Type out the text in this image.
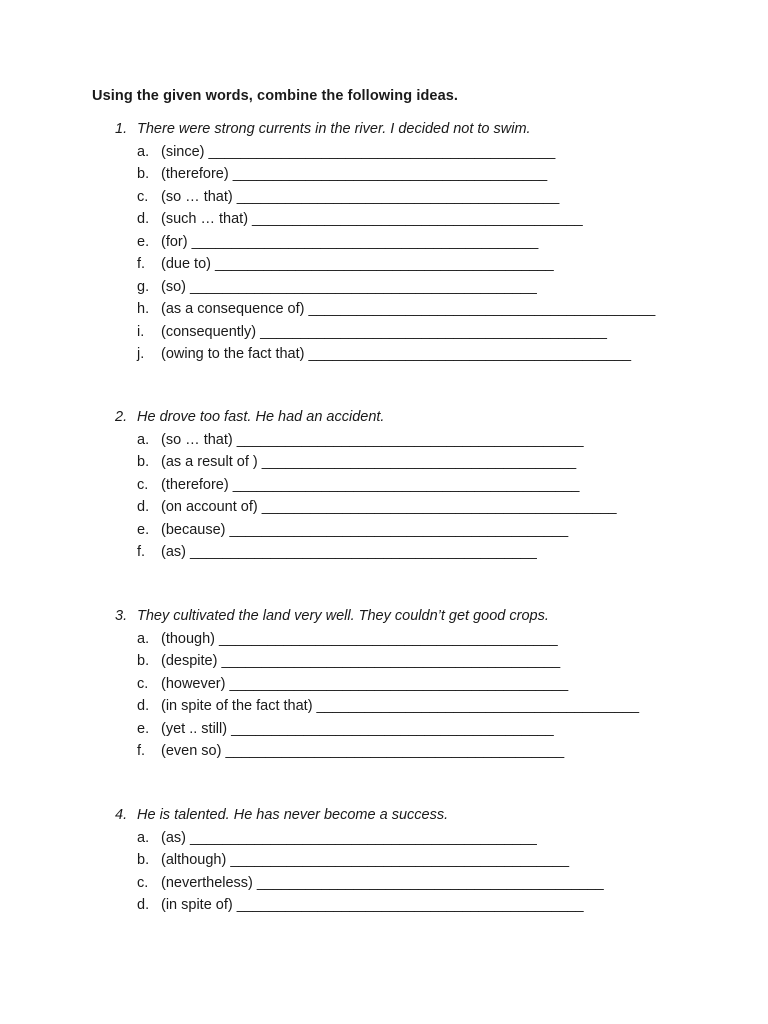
Using the given words, combine the following ideas.
1. There were strong currents in the river. I decided not to swim.
a. (since) ___________________________________________
b. (therefore) _______________________________________
c. (so … that) ________________________________________
d. (such … that) _________________________________________
e. (for) ___________________________________________
f.	(due to) __________________________________________
g. (so) ___________________________________________
h. (as a consequence of) ___________________________________________
i.	(consequently) ___________________________________________
j.	(owing to the fact that) ________________________________________
2. He drove too fast. He had an accident.
a. (so … that) ___________________________________________
b. (as a result of ) _______________________________________
c. (therefore) ___________________________________________
d. (on account of) ____________________________________________
e. (because) __________________________________________
f.	(as) ___________________________________________
3. They cultivated the land very well. They couldn’t get good crops.
a. (though) __________________________________________
b. (despite) __________________________________________
c. (however) __________________________________________
d. (in spite of the fact that) ________________________________________
e. (yet .. still) ________________________________________
f.	(even so) __________________________________________
4. He is talented. He has never become a success.
a. (as) ___________________________________________
b. (although) __________________________________________
c. (nevertheless) ___________________________________________
d. (in spite of) ___________________________________________
